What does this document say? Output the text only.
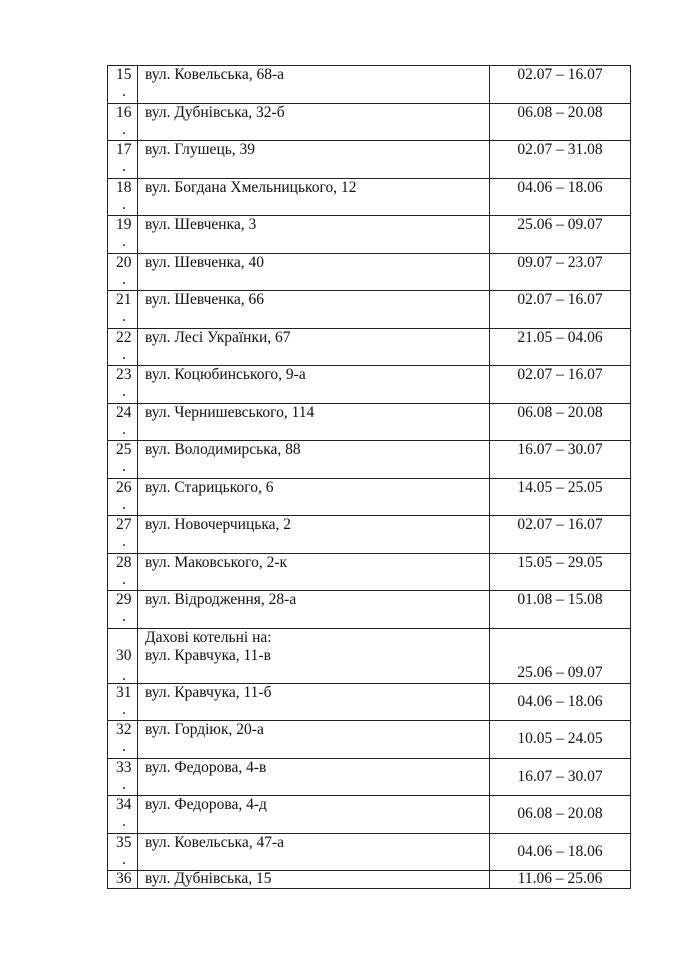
15
.	вул. Ковельська, 68-а	02.07 – 16.07

16
.	вул. Дубнівська, 32-б	06.08 – 20.08

17
.	вул. Глушець, 39	02.07 – 31.08

18
.	вул. Богдана Хмельницького, 12	04.06 – 18.06

19
.	вул. Шевченка, 3	25.06 – 09.07

20
.	вул. Шевченка, 40	09.07 – 23.07

21
.	вул. Шевченка, 66	02.07 – 16.07

22
.	вул. Лесі Українки, 67	21.05 – 04.06

23
.	вул. Коцюбинського, 9-а	02.07 – 16.07

24
.	вул. Чернишевського, 114	06.08 – 20.08

25
.	вул. Володимирська, 88	16.07 – 30.07

26
.	вул. Старицького, 6	14.05 – 25.05

27
.	вул. Новочерчицька, 2	02.07 – 16.07

28
.	вул. Маковського, 2-к	15.05 – 29.05

29
.	вул. Відродження, 28-а	01.08 – 15.08

30
.	Дахові котельні на:
вул. Кравчука, 11-в	25.06 – 09.07

31
.	вул. Кравчука, 11-б	04.06 – 18.06

32
.	вул. Гордіюк, 20-а	10.05 – 24.05

33
.	вул. Федорова, 4-в	16.07 – 30.07

34
.	вул. Федорова, 4-д	06.08 – 20.08

35
.	вул. Ковельська, 47-а	04.06 – 18.06

36	вул. Дубнівська, 15	11.06 – 25.06
